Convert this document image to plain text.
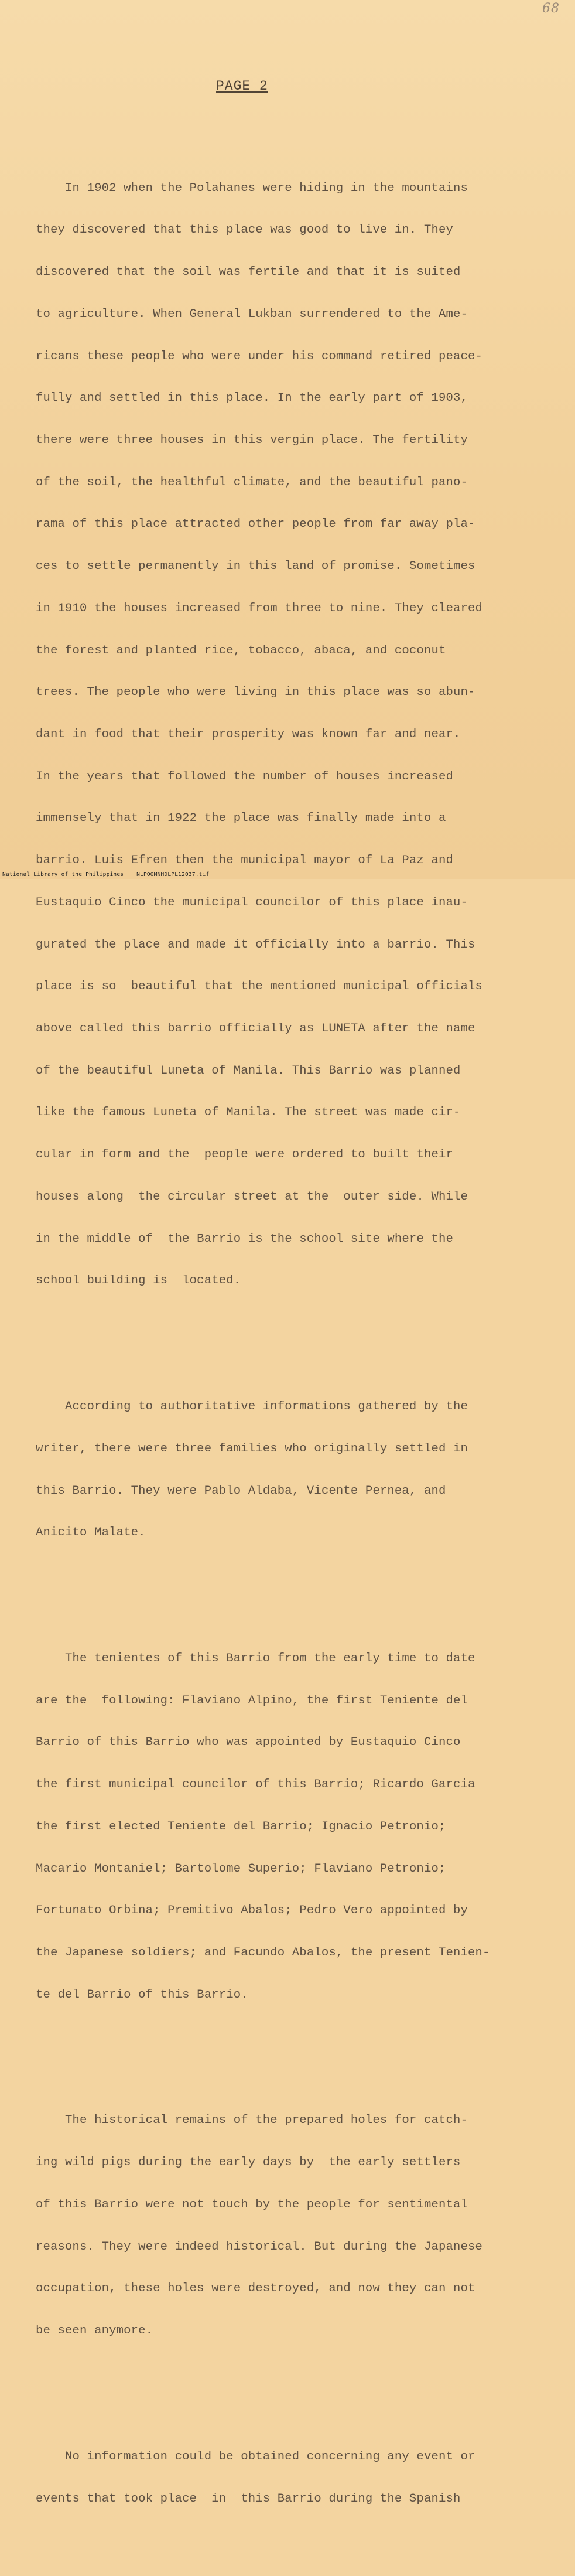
68
PAGE 2

In 1902 when the Polahanes were hiding in the mountains

they discovered that this place was good to live in. They

discovered that the soil was fertile and that it is suited

to agriculture. When General Lukban surrendered to the Ame-

ricans these people who were under his command retired peace-

fully and settled in this place. In the early part of 1903,

there were three houses in this vergin place. The fertility

of the soil, the healthful climate, and the beautiful pano-

rama of this place attracted other people from far away pla-

ces to settle permanently in this land of promise. Sometimes

in 1910 the houses increased from three to nine. They cleared

the forest and planted rice, tobacco, abaca, and coconut

trees. The people who were living in this place was so abun-

dant in food that their prosperity was known far and near.

In the years that followed the number of houses increased

immensely that in 1922 the place was finally made into a

barrio. Luis Efren then the municipal mayor of La Paz and

Eustaquio Cinco the municipal councilor of this place inau-

gurated the place and made it officially into a barrio. This

place is so  beautiful that the mentioned municipal officials

above called this barrio officially as LUNETA after the name

of the beautiful Luneta of Manila. This Barrio was planned

like the famous Luneta of Manila. The street was made cir-

cular in form and the  people were ordered to built their

houses along  the circular street at the  outer side. While

in the middle of  the Barrio is the school site where the

school building is  located.

According to authoritative informations gathered by the

writer, there were three families who originally settled in

this Barrio. They were Pablo Aldaba, Vicente Pernea, and

Anicito Malate.

The tenientes of this Barrio from the early time to date

are the  following: Flaviano Alpino, the first Teniente del

Barrio of this Barrio who was appointed by Eustaquio Cinco

the first municipal councilor of this Barrio; Ricardo Garcia

the first elected Teniente del Barrio; Ignacio Petronio;

Macario Montaniel; Bartolome Superio; Flaviano Petronio;

Fortunato Orbina; Premitivo Abalos; Pedro Vero appointed by

the Japanese soldiers; and Facundo Abalos, the present Tenien-

te del Barrio of this Barrio.

The historical remains of the prepared holes for catch-

ing wild pigs during the early days by  the early settlers

of this Barrio were not touch by the people for sentimental

reasons. They were indeed historical. But during the Japanese

occupation, these holes were destroyed, and now they can not

be seen anymore.

No information could be obtained concerning any event or

events that took place  in  this Barrio during the Spanish

National Library of the Philippines NLPOOMNHDLPL12037.tif
